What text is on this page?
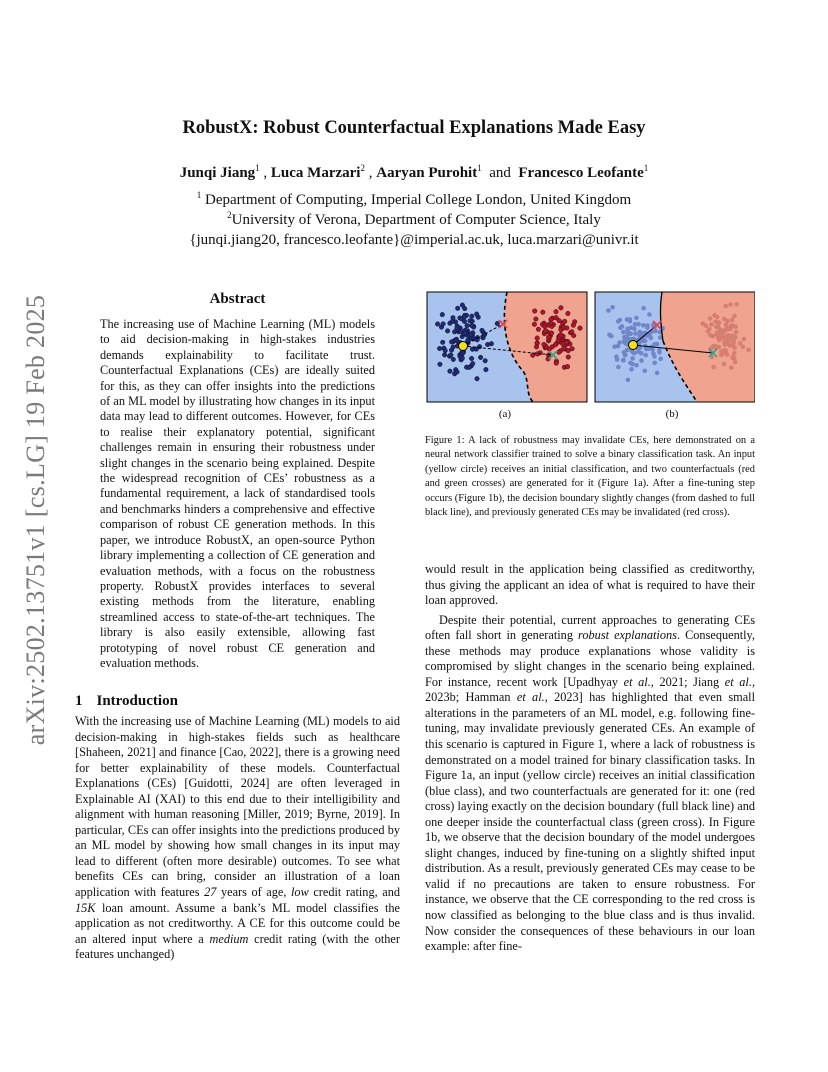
arXiv:2502.13751v1 [cs.LG] 19 Feb 2025
RobustX: Robust Counterfactual Explanations Made Easy
Junqi Jiang$^1$ , Luca Marzari$^2$ , Aaryan Purohit$^1$ and Francesco Leofante$^1$
$^1$ Department of Computing, Imperial College London, United Kingdom
$^2$University of Verona, Department of Computer Science, Italy
{junqi.jiang20, francesco.leofante}@imperial.ac.uk, luca.marzari@univr.it
Abstract
The increasing use of Machine Learning (ML) models to aid decision-making in high-stakes industries demands explainability to facilitate trust. Counterfactual Explanations (CEs) are ideally suited for this, as they can offer insights into the predictions of an ML model by illustrating how changes in its input data may lead to different outcomes. However, for CEs to realise their explanatory potential, significant challenges remain in ensuring their robustness under slight changes in the scenario being explained. Despite the widespread recognition of CEs’ robustness as a fundamental requirement, a lack of standardised tools and benchmarks hinders a comprehensive and effective comparison of robust CE generation methods. In this paper, we introduce RobustX, an open-source Python library implementing a collection of CE generation and evaluation methods, with a focus on the robustness property. RobustX provides interfaces to several existing methods from the literature, enabling streamlined access to state-of-the-art techniques. The library is also easily extensible, allowing fast prototyping of novel robust CE generation and evaluation methods.
1 Introduction
With the increasing use of Machine Learning (ML) models to aid decision-making in high-stakes fields such as healthcare [Shaheen, 2021] and finance [Cao, 2022], there is a growing need for better explainability of these models. Counterfactual Explanations (CEs) [Guidotti, 2024] are often leveraged in Explainable AI (XAI) to this end due to their intelligibility and alignment with human reasoning [Miller, 2019; Byrne, 2019]. In particular, CEs can offer insights into the predictions produced by an ML model by showing how small changes in its input may lead to different (often more desirable) outcomes. To see what benefits CEs can bring, consider an illustration of a loan application with features 27 years of age, low credit rating, and 15K loan amount. Assume a bank’s ML model classifies the application as not creditworthy. A CE for this outcome could be an altered input where a medium credit rating (with the other features unchanged)
(a)	(b)
Figure 1: A lack of robustness may invalidate CEs, here demonstrated on a neural network classifier trained to solve a binary classification task. An input (yellow circle) receives an initial classification, and two counterfactuals (red and green crosses) are generated for it (Figure 1a). After a fine-tuning step occurs (Figure 1b), the decision boundary slightly changes (from dashed to full black line), and previously generated CEs may be invalidated (red cross).

would result in the application being classified as creditworthy, thus giving the applicant an idea of what is required to have their loan approved.

Despite their potential, current approaches to generating CEs often fall short in generating robust explanations. Consequently, these methods may produce explanations whose validity is compromised by slight changes in the scenario being explained. For instance, recent work [Upadhyay et al., 2021; Jiang et al., 2023b; Hamman et al., 2023] has highlighted that even small alterations in the parameters of an ML model, e.g. following fine-tuning, may invalidate previously generated CEs. An example of this scenario is captured in Figure 1, where a lack of robustness is demonstrated on a model trained for binary classification tasks. In Figure 1a, an input (yellow circle) receives an initial classification (blue class), and two counterfactuals are generated for it: one (red cross) laying exactly on the decision boundary (full black line) and one deeper inside the counterfactual class (green cross). In Figure 1b, we observe that the decision boundary of the model undergoes slight changes, induced by fine-tuning on a slightly shifted input distribution. As a result, previously generated CEs may cease to be valid if no precautions are taken to ensure robustness. For instance, we observe that the CE corresponding to the red cross is now classified as belonging to the blue class and is thus invalid. Now consider the consequences of these behaviours in our loan example: after fine-
